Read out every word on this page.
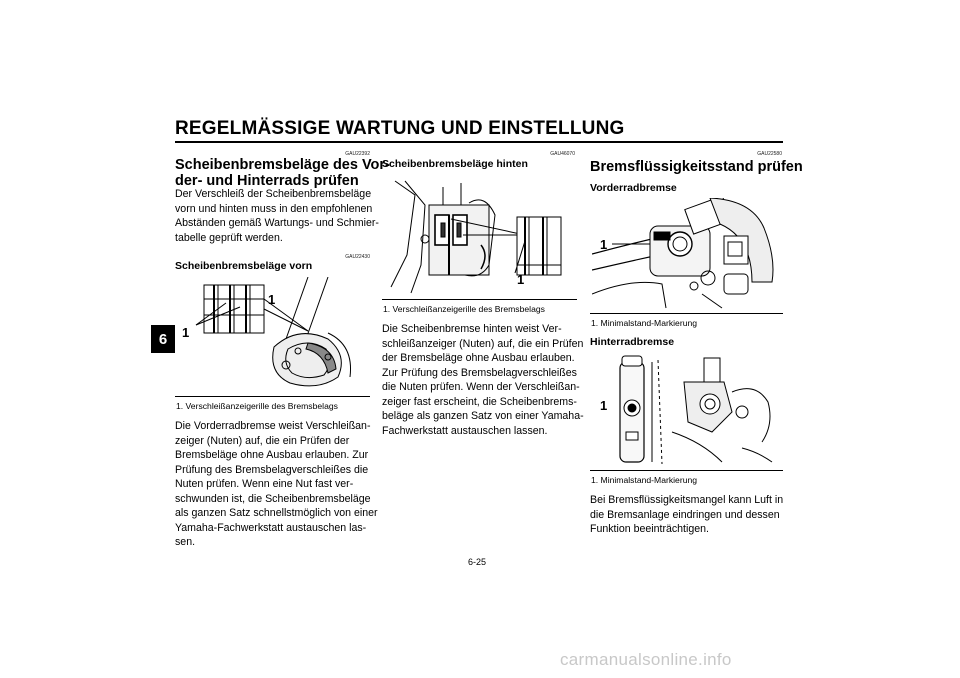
REGELMÄSSIGE WARTUNG UND EINSTELLUNG
6
GAU22392
Scheibenbremsbeläge des Vor-
der- und Hinterrads prüfen
Der Verschleiß der Scheibenbremsbeläge
vorn und hinten muss in den empfohlenen
Abständen gemäß Wartungs- und Schmier-
tabelle geprüft werden.
GAU22430
Scheibenbremsbeläge vorn
1
1
1. Verschleißanzeigerille des Bremsbelags
Die Vorderradbremse weist Verschleißan-
zeiger (Nuten) auf, die ein Prüfen der
Bremsbeläge ohne Ausbau erlauben. Zur
Prüfung des Bremsbelagverschleißes die
Nuten prüfen. Wenn eine Nut fast ver-
schwunden ist, die Scheibenbremsbeläge
als ganzen Satz schnellstmöglich von einer
Yamaha-Fachwerkstatt austauschen las-
sen.
GAU46070
Scheibenbremsbeläge hinten
1
1. Verschleißanzeigerille des Bremsbelags
Die Scheibenbremse hinten weist Ver-
schleißanzeiger (Nuten) auf, die ein Prüfen
der Bremsbeläge ohne Ausbau erlauben.
Zur Prüfung des Bremsbelagverschleißes
die Nuten prüfen. Wenn der Verschleißan-
zeiger fast erscheint, die Scheibenbrems-
beläge als ganzen Satz von einer Yamaha-
Fachwerkstatt austauschen lassen.
GAU22580
Bremsflüssigkeitsstand prüfen
Vorderradbremse
1
1. Minimalstand-Markierung
Hinterradbremse
1
1. Minimalstand-Markierung
Bei Bremsflüssigkeitsmangel kann Luft in
die Bremsanlage eindringen und dessen
Funktion beeinträchtigen.
6-25
carmanualsonline.info
